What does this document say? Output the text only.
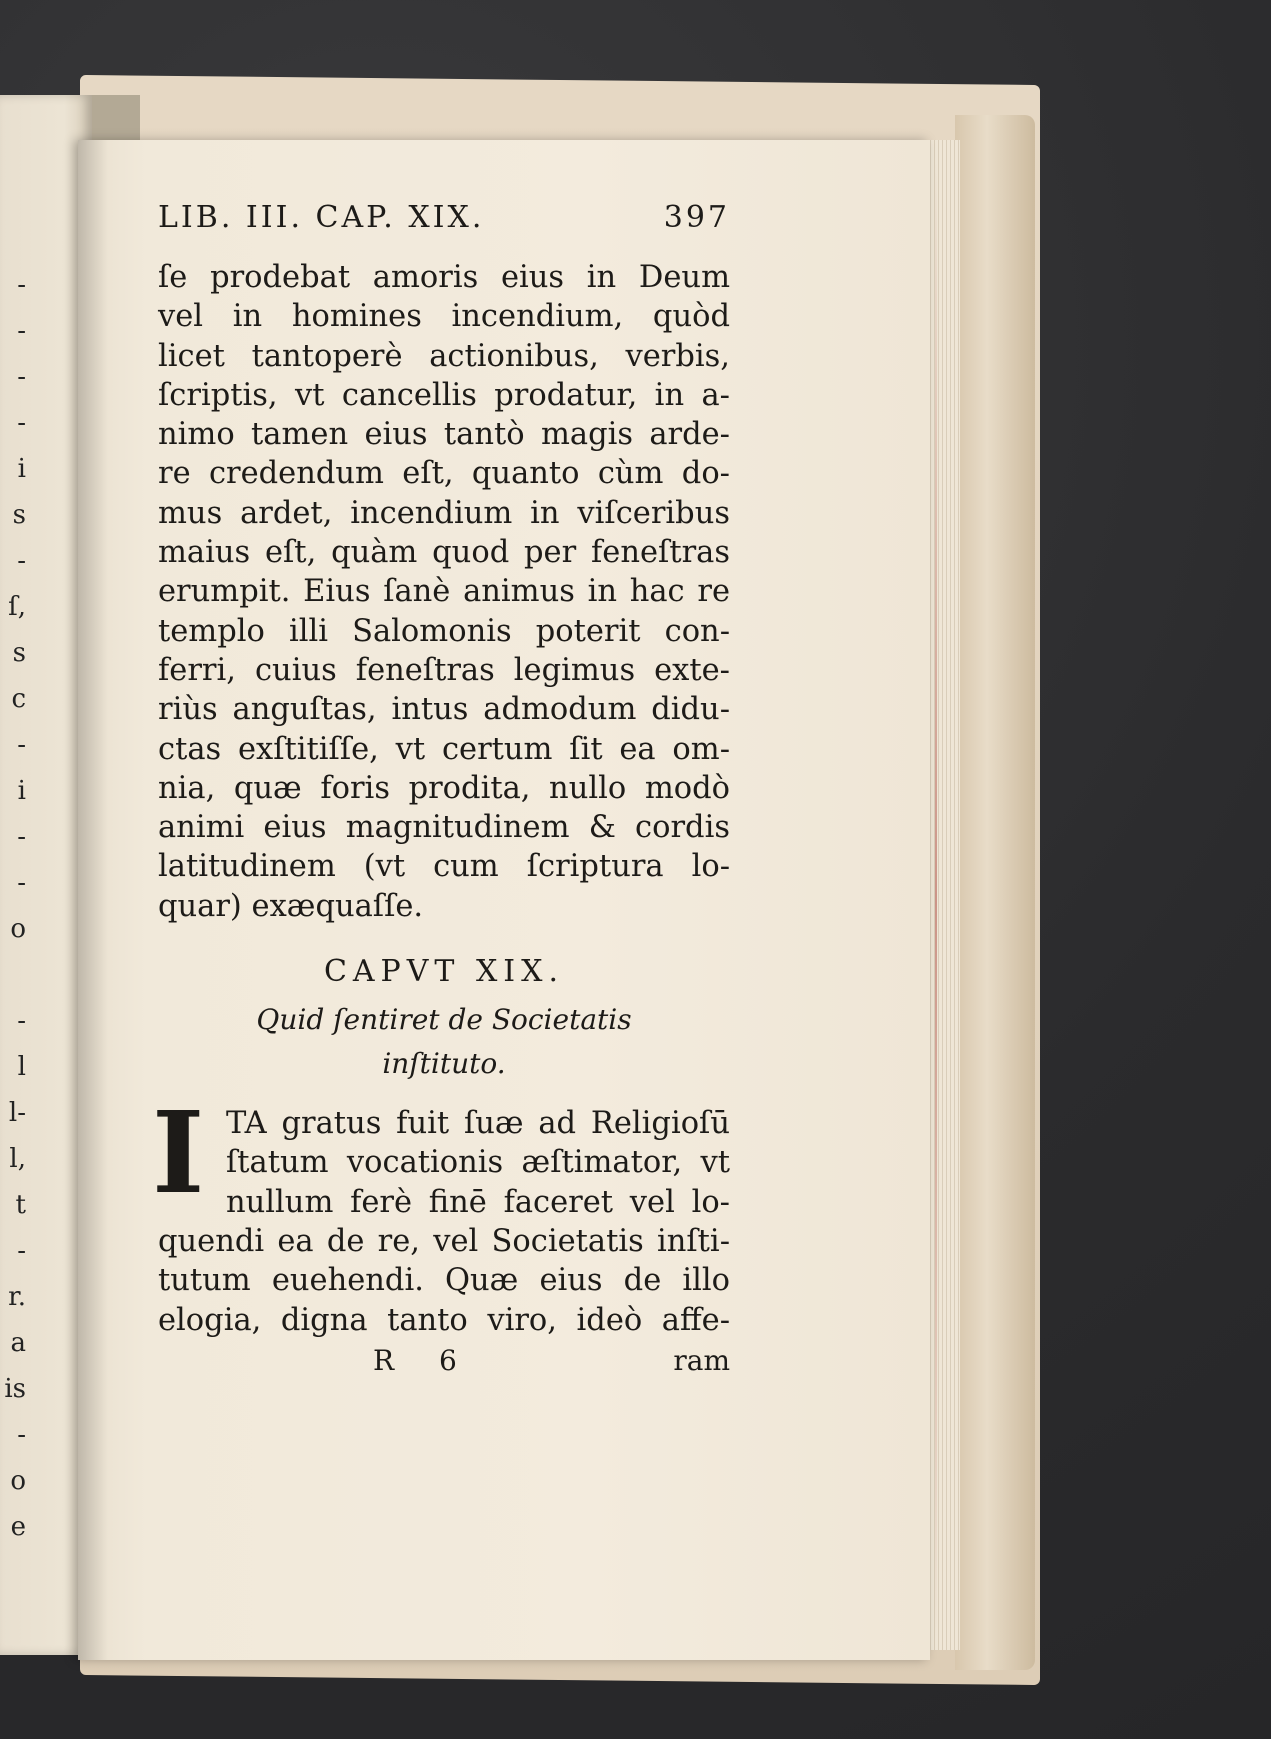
-
-
-
-
i
s
-
ſ,
s
c
-
i
-
-
o
-
l
l-
l,
t
-
r.
a
is
-
o
e
LIB. III. CAP. XIX.	397
ſe prodebat amoris eius in Deum
vel in homines incendium, quòd
licet tantoperè actionibus, verbis,
ſcriptis, vt cancellis prodatur, in a-
nimo tamen eius tantò magis arde-
re credendum eſt, quanto cùm do-
mus ardet, incendium in viſceribus
maius eſt, quàm quod per feneſtras
erumpit. Eius ſanè animus in hac re
templo illi Salomonis poterit con-
ferri, cuius feneſtras legimus exte-
riùs anguſtas, intus admodum didu-
ctas exſtitiſſe, vt certum ſit ea om-
nia, quæ foris prodita, nullo modò
animi eius magnitudinem & cordis
latitudinem (vt cum ſcriptura lo-
quar) exæquaſſe.
CAPVT XIX.
Quid ſentiret de Societatis
inſtituto.
I TA gratus fuit ſuæ ad Religioſū
ſtatum vocationis æſtimator, vt
nullum ferè finē faceret vel lo-
quendi ea de re, vel Societatis inſti-
tutum euehendi. Quæ eius de illo
elogia, digna tanto viro, ideò affe-
R 6	ram
